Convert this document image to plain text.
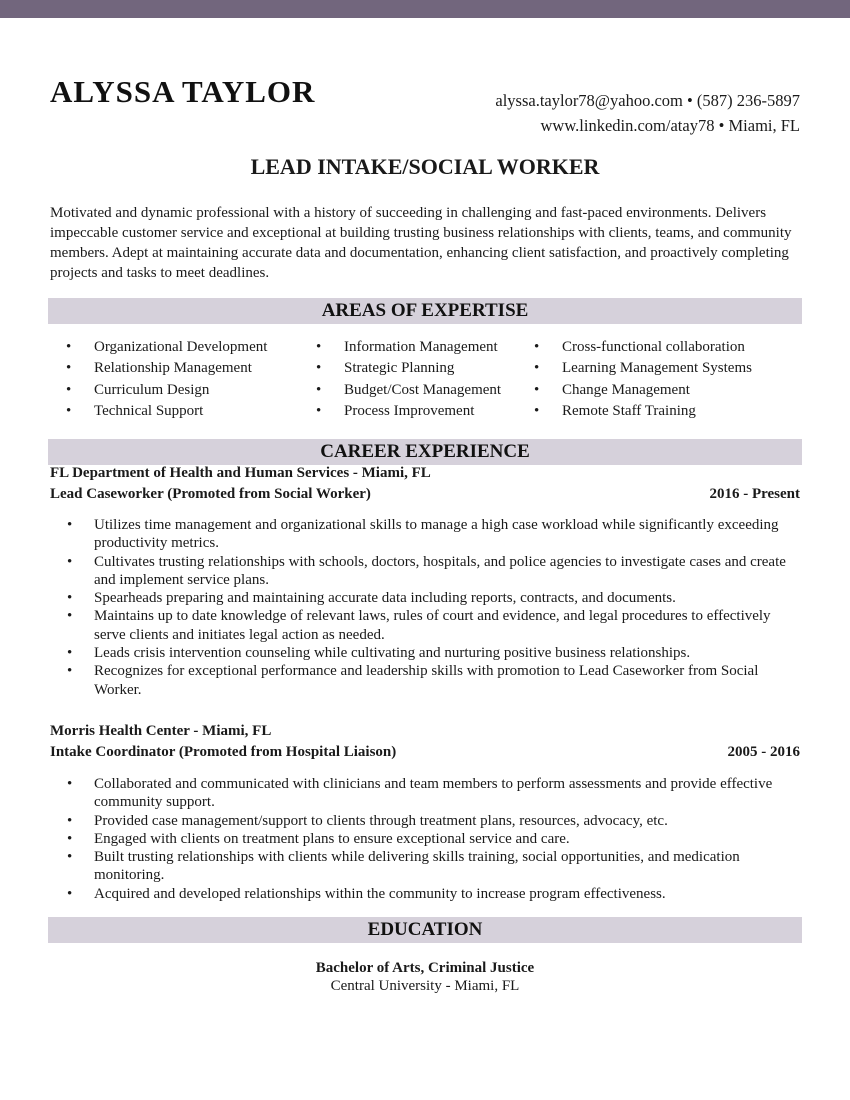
ALYSSA TAYLOR	alyssa.taylor78@yahoo.com • (587) 236-5897
www.linkedin.com/atay78 • Miami, FL
LEAD INTAKE/SOCIAL WORKER
Motivated and dynamic professional with a history of succeeding in challenging and fast-paced environments. Delivers impeccable customer service and exceptional at building trusting business relationships with clients, teams, and community members. Adept at maintaining accurate data and documentation, enhancing client satisfaction, and proactively completing projects and tasks to meet deadlines.
AREAS OF EXPERTISE
• Organizational Development
• Relationship Management
• Curriculum Design
• Technical Support
• Information Management
• Strategic Planning
• Budget/Cost Management
• Process Improvement
• Cross-functional collaboration
• Learning Management Systems
• Change Management
• Remote Staff Training
CAREER EXPERIENCE
FL Department of Health and Human Services - Miami, FL
Lead Caseworker (Promoted from Social Worker)	2016 - Present
• Utilizes time management and organizational skills to manage a high case workload while significantly exceeding productivity metrics.
• Cultivates trusting relationships with schools, doctors, hospitals, and police agencies to investigate cases and create and implement service plans.
• Spearheads preparing and maintaining accurate data including reports, contracts, and documents.
• Maintains up to date knowledge of relevant laws, rules of court and evidence, and legal procedures to effectively serve clients and initiates legal action as needed.
• Leads crisis intervention counseling while cultivating and nurturing positive business relationships.
• Recognizes for exceptional performance and leadership skills with promotion to Lead Caseworker from Social Worker.
Morris Health Center - Miami, FL
Intake Coordinator (Promoted from Hospital Liaison)	2005 - 2016
• Collaborated and communicated with clinicians and team members to perform assessments and provide effective community support.
• Provided case management/support to clients through treatment plans, resources, advocacy, etc.
• Engaged with clients on treatment plans to ensure exceptional service and care.
• Built trusting relationships with clients while delivering skills training, social opportunities, and medication monitoring.
• Acquired and developed relationships within the community to increase program effectiveness.
EDUCATION
Bachelor of Arts, Criminal Justice
Central University - Miami, FL
